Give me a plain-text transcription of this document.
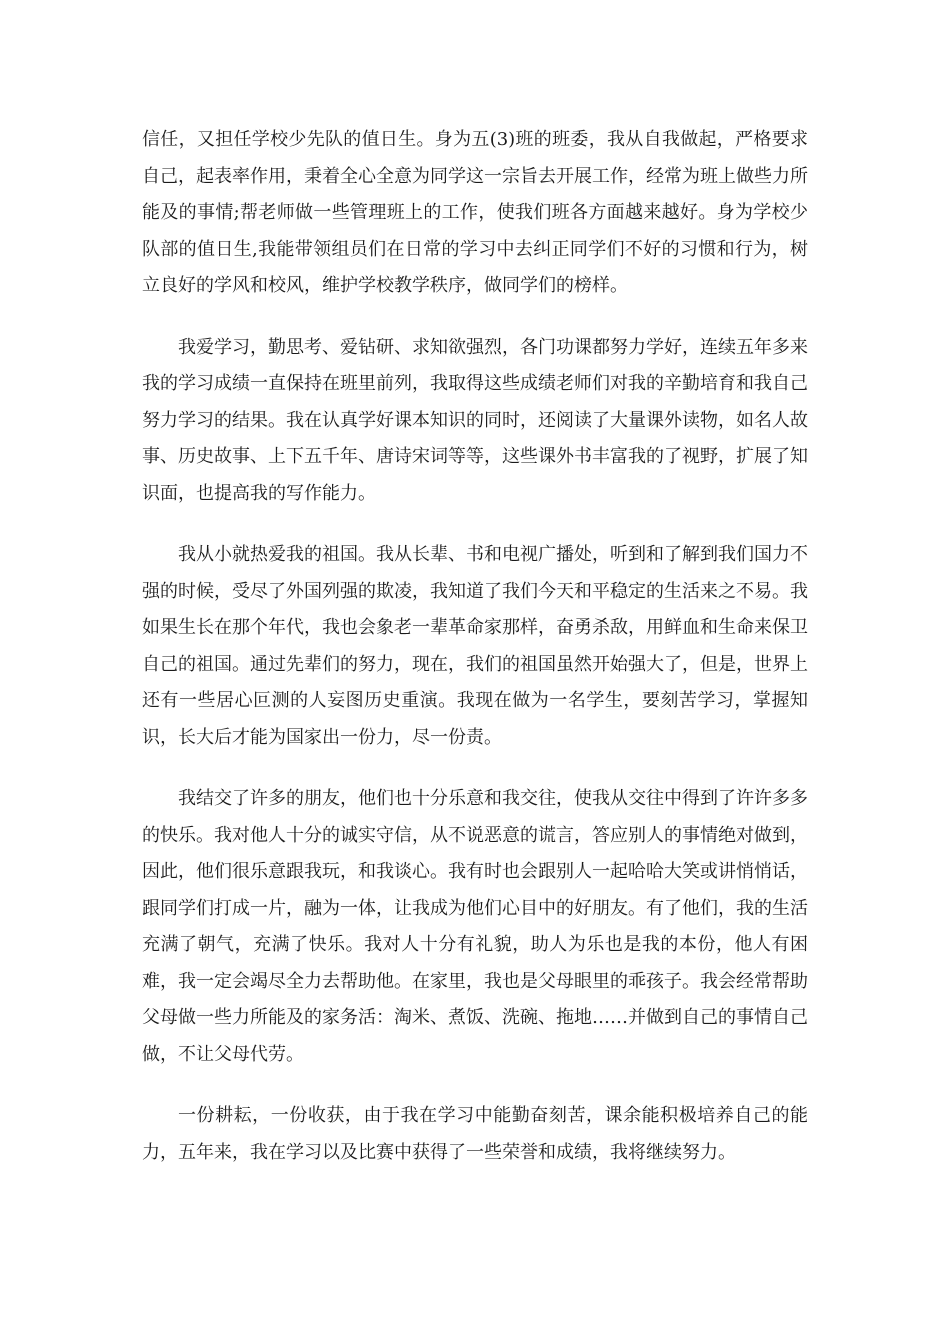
信任，又担任学校少先队的值日生。身为五(3)班的班委，我从自我做起，严格要求自己，起表率作用，秉着全心全意为同学这一宗旨去开展工作，经常为班上做些力所能及的事情;帮老师做一些管理班上的工作，使我们班各方面越来越好。身为学校少队部的值日生,我能带领组员们在日常的学习中去纠正同学们不好的习惯和行为，树立良好的学风和校风，维护学校教学秩序，做同学们的榜样。

我爱学习，勤思考、爱钻研、求知欲强烈，各门功课都努力学好，连续五年多来我的学习成绩一直保持在班里前列，我取得这些成绩老师们对我的辛勤培育和我自己努力学习的结果。我在认真学好课本知识的同时，还阅读了大量课外读物，如名人故事、历史故事、上下五千年、唐诗宋词等等，这些课外书丰富我的了视野，扩展了知识面，也提高我的写作能力。

我从小就热爱我的祖国。我从长辈、书和电视广播处，听到和了解到我们国力不强的时候，受尽了外国列强的欺凌，我知道了我们今天和平稳定的生活来之不易。我如果生长在那个年代，我也会象老一辈革命家那样，奋勇杀敌，用鲜血和生命来保卫自己的祖国。通过先辈们的努力，现在，我们的祖国虽然开始强大了，但是，世界上还有一些居心叵测的人妄图历史重演。我现在做为一名学生，要刻苦学习，掌握知识，长大后才能为国家出一份力，尽一份责。

我结交了许多的朋友，他们也十分乐意和我交往，使我从交往中得到了许许多多的快乐。我对他人十分的诚实守信，从不说恶意的谎言，答应别人的事情绝对做到，因此，他们很乐意跟我玩，和我谈心。我有时也会跟别人一起哈哈大笑或讲悄悄话，跟同学们打成一片，融为一体，让我成为他们心目中的好朋友。有了他们，我的生活充满了朝气，充满了快乐。我对人十分有礼貌，助人为乐也是我的本份，他人有困难，我一定会竭尽全力去帮助他。在家里，我也是父母眼里的乖孩子。我会经常帮助父母做一些力所能及的家务活：淘米、煮饭、洗碗、拖地……并做到自己的事情自己做，不让父母代劳。

一份耕耘，一份收获，由于我在学习中能勤奋刻苦，课余能积极培养自己的能力，五年来，我在学习以及比赛中获得了一些荣誉和成绩，我将继续努力。
